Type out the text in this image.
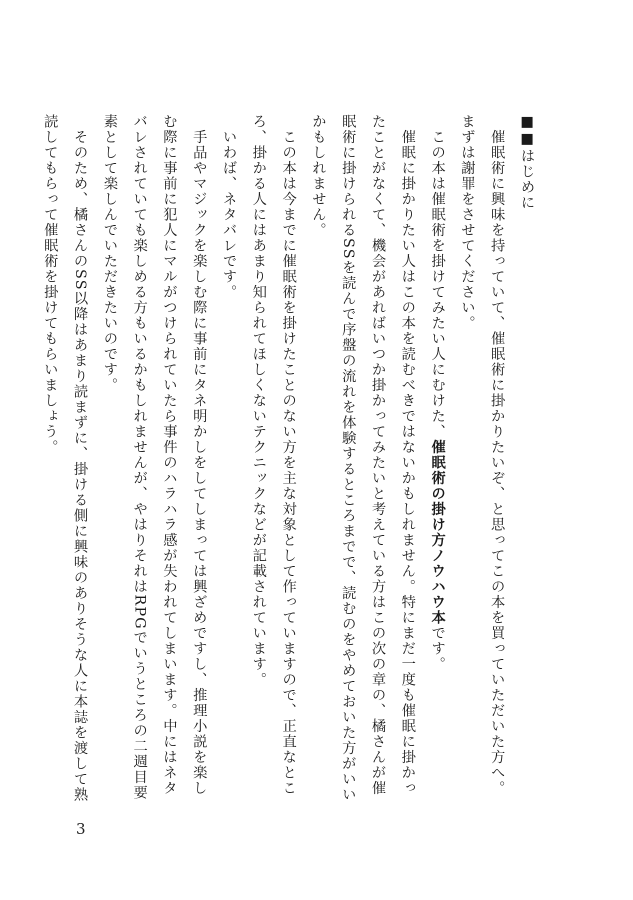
■■はじめに

　催眠術に興味を持っていて、催眠術に掛かりたいぞ、と思ってこの本を買っていただいた方へ。

まずは謝罪をさせてください。

　この本は催眠術を掛けてみたい人にむけた、催眠術の掛け方ノウハウ本です。

　催眠に掛かりたい人はこの本を読むべきではないかもしれません。特にまだ一度も催眠に掛かったことがなくて、機会があればいつか掛かってみたいと考えている方はこの次の章の、橘さんが催眠術に掛けられるSSを読んで序盤の流れを体験するところまでで、読むのをやめておいた方がいいかもしれません。

　この本は今までに催眠術を掛けたことのない方を主な対象として作っていますので、正直なところ、掛かる人にはあまり知られてほしくないテクニックなどが記載されています。

　いわば、ネタバレです。

　手品やマジックを楽しむ際に事前にタネ明かしをしてしまっては興ざめですし、推理小説を楽しむ際に事前に犯人にマルがつけられていたら事件のハラハラ感が失われてしまいます。中にはネタバレされていても楽しめる方もいるかもしれませんが、やはりそれはRPGでいうところの二週目要素として楽しんでいただきたいのです。

　そのため、橘さんのSS以降はあまり読まずに、掛ける側に興味のありそうな人に本誌を渡して熟読してもらって催眠術を掛けてもらいましょう。

3
